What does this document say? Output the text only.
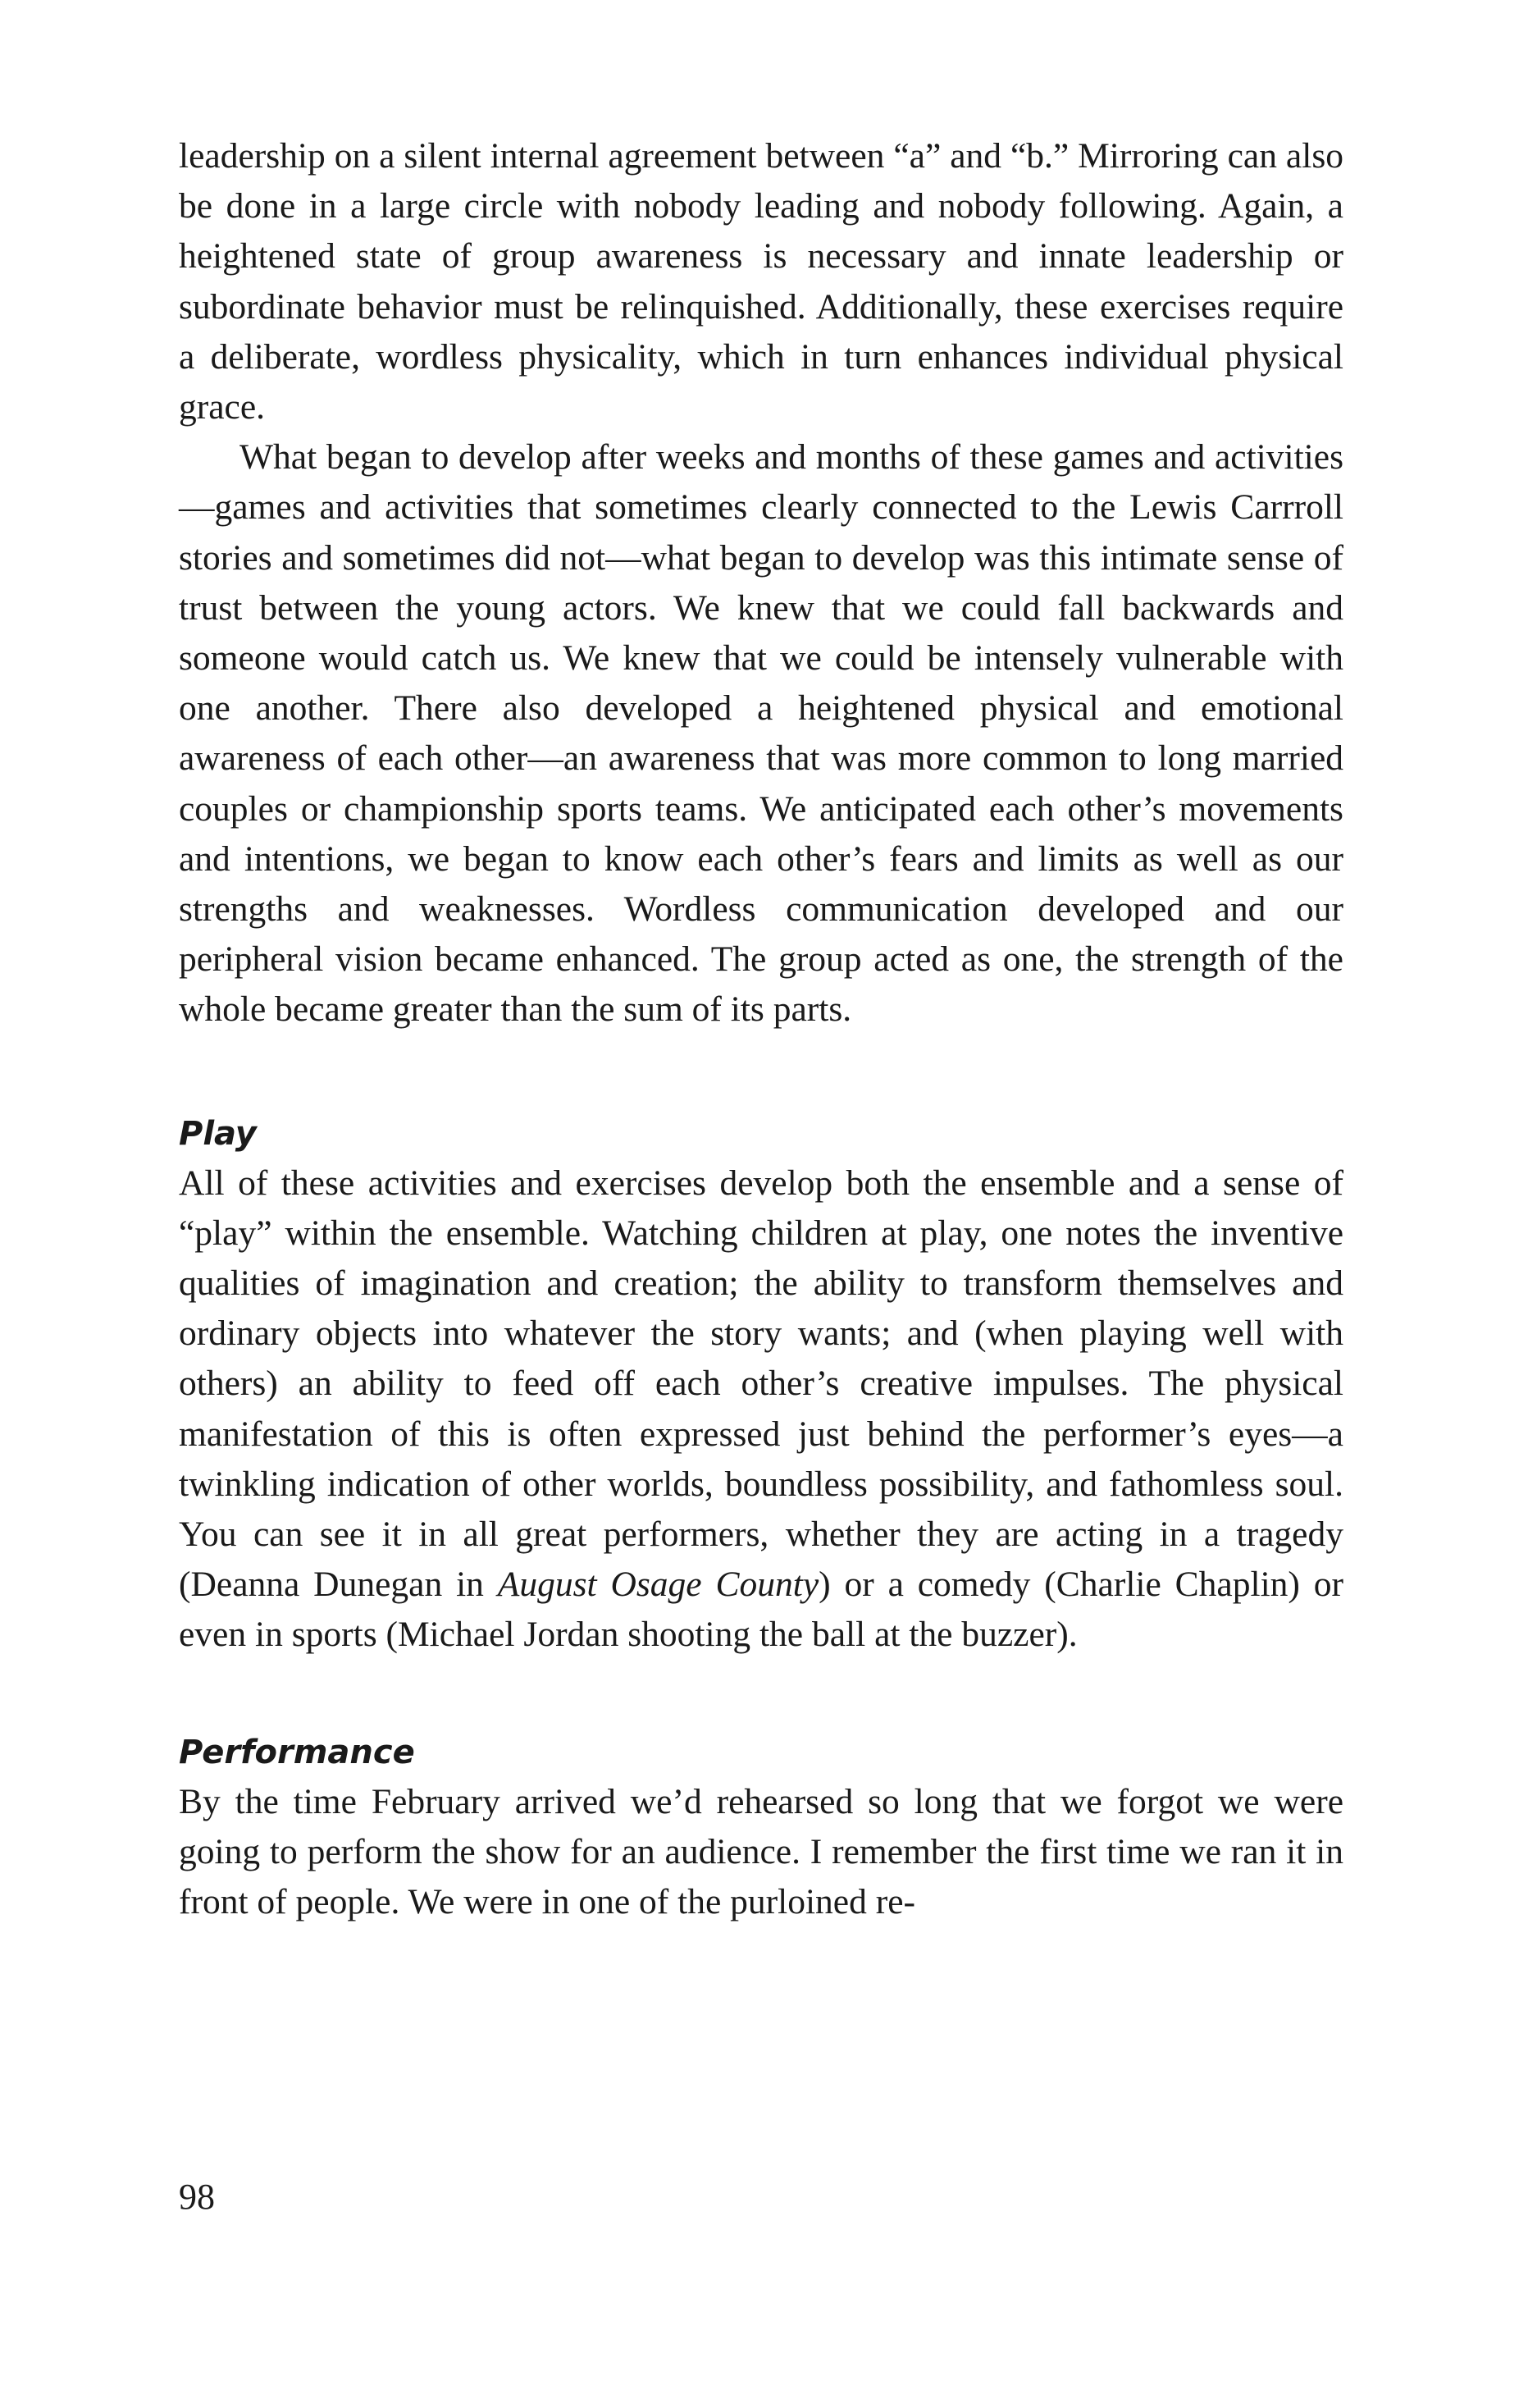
leadership on a silent internal agreement between “a” and “b.” Mirroring can also be done in a large circle with nobody leading and nobody following. Again, a heightened state of group awareness is necessary and innate leadership or subordinate behavior must be relinquished. Additionally, these exercises require a deliberate, wordless physicality, which in turn enhances individual physical grace.

What began to develop after weeks and months of these games and activities—games and activities that sometimes clearly connected to the Lewis Carrroll stories and sometimes did not—what began to develop was this intimate sense of trust between the young actors. We knew that we could fall backwards and someone would catch us. We knew that we could be intensely vulnerable with one another. There also developed a heightened physical and emotional awareness of each other—an awareness that was more common to long married couples or championship sports teams. We anticipated each other’s movements and intentions, we began to know each other’s fears and limits as well as our strengths and weaknesses. Wordless communication developed and our peripheral vision became enhanced. The group acted as one, the strength of the whole became greater than the sum of its parts.

Play

All of these activities and exercises develop both the ensemble and a sense of “play” within the ensemble. Watching children at play, one notes the inventive qualities of imagination and creation; the ability to transform themselves and ordinary objects into whatever the story wants; and (when playing well with others) an ability to feed off each other’s creative impulses. The physical manifestation of this is often expressed just behind the performer’s eyes—a twinkling indication of other worlds, boundless possibility, and fathomless soul. You can see it in all great performers, whether they are acting in a tragedy (Deanna Dunegan in August Osage County) or a comedy (Charlie Chaplin) or even in sports (Michael Jordan shooting the ball at the buzzer).

Performance

By the time February arrived we’d rehearsed so long that we forgot we were going to perform the show for an audience. I remember the first time we ran it in front of people. We were in one of the purloined re-

98
